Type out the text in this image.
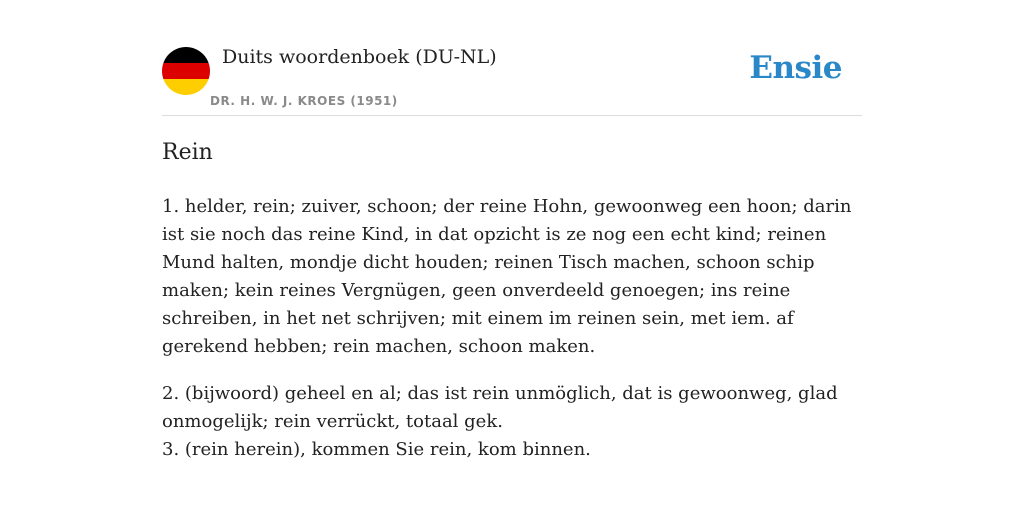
Duits woordenboek (DU-NL)
DR. H. W. J. KROES (1951)
Ensie
Rein

1. helder, rein; zuiver, schoon; der reine Hohn, gewoonweg een hoon; darin ist sie noch das reine Kind, in dat opzicht is ze nog een echt kind; reinen Mund halten, mondje dicht houden; reinen Tisch machen, schoon schip maken; kein reines Vergnügen, geen onverdeeld genoegen; ins reine schreiben, in het net schrijven; mit einem im reinen sein, met iem. af gerekend hebben; rein machen, schoon maken.

2. (bijwoord) geheel en al; das ist rein unmöglich, dat is gewoonweg, glad onmogelijk; rein verrückt, totaal gek.
3. (rein herein), kommen Sie rein, kom binnen.
